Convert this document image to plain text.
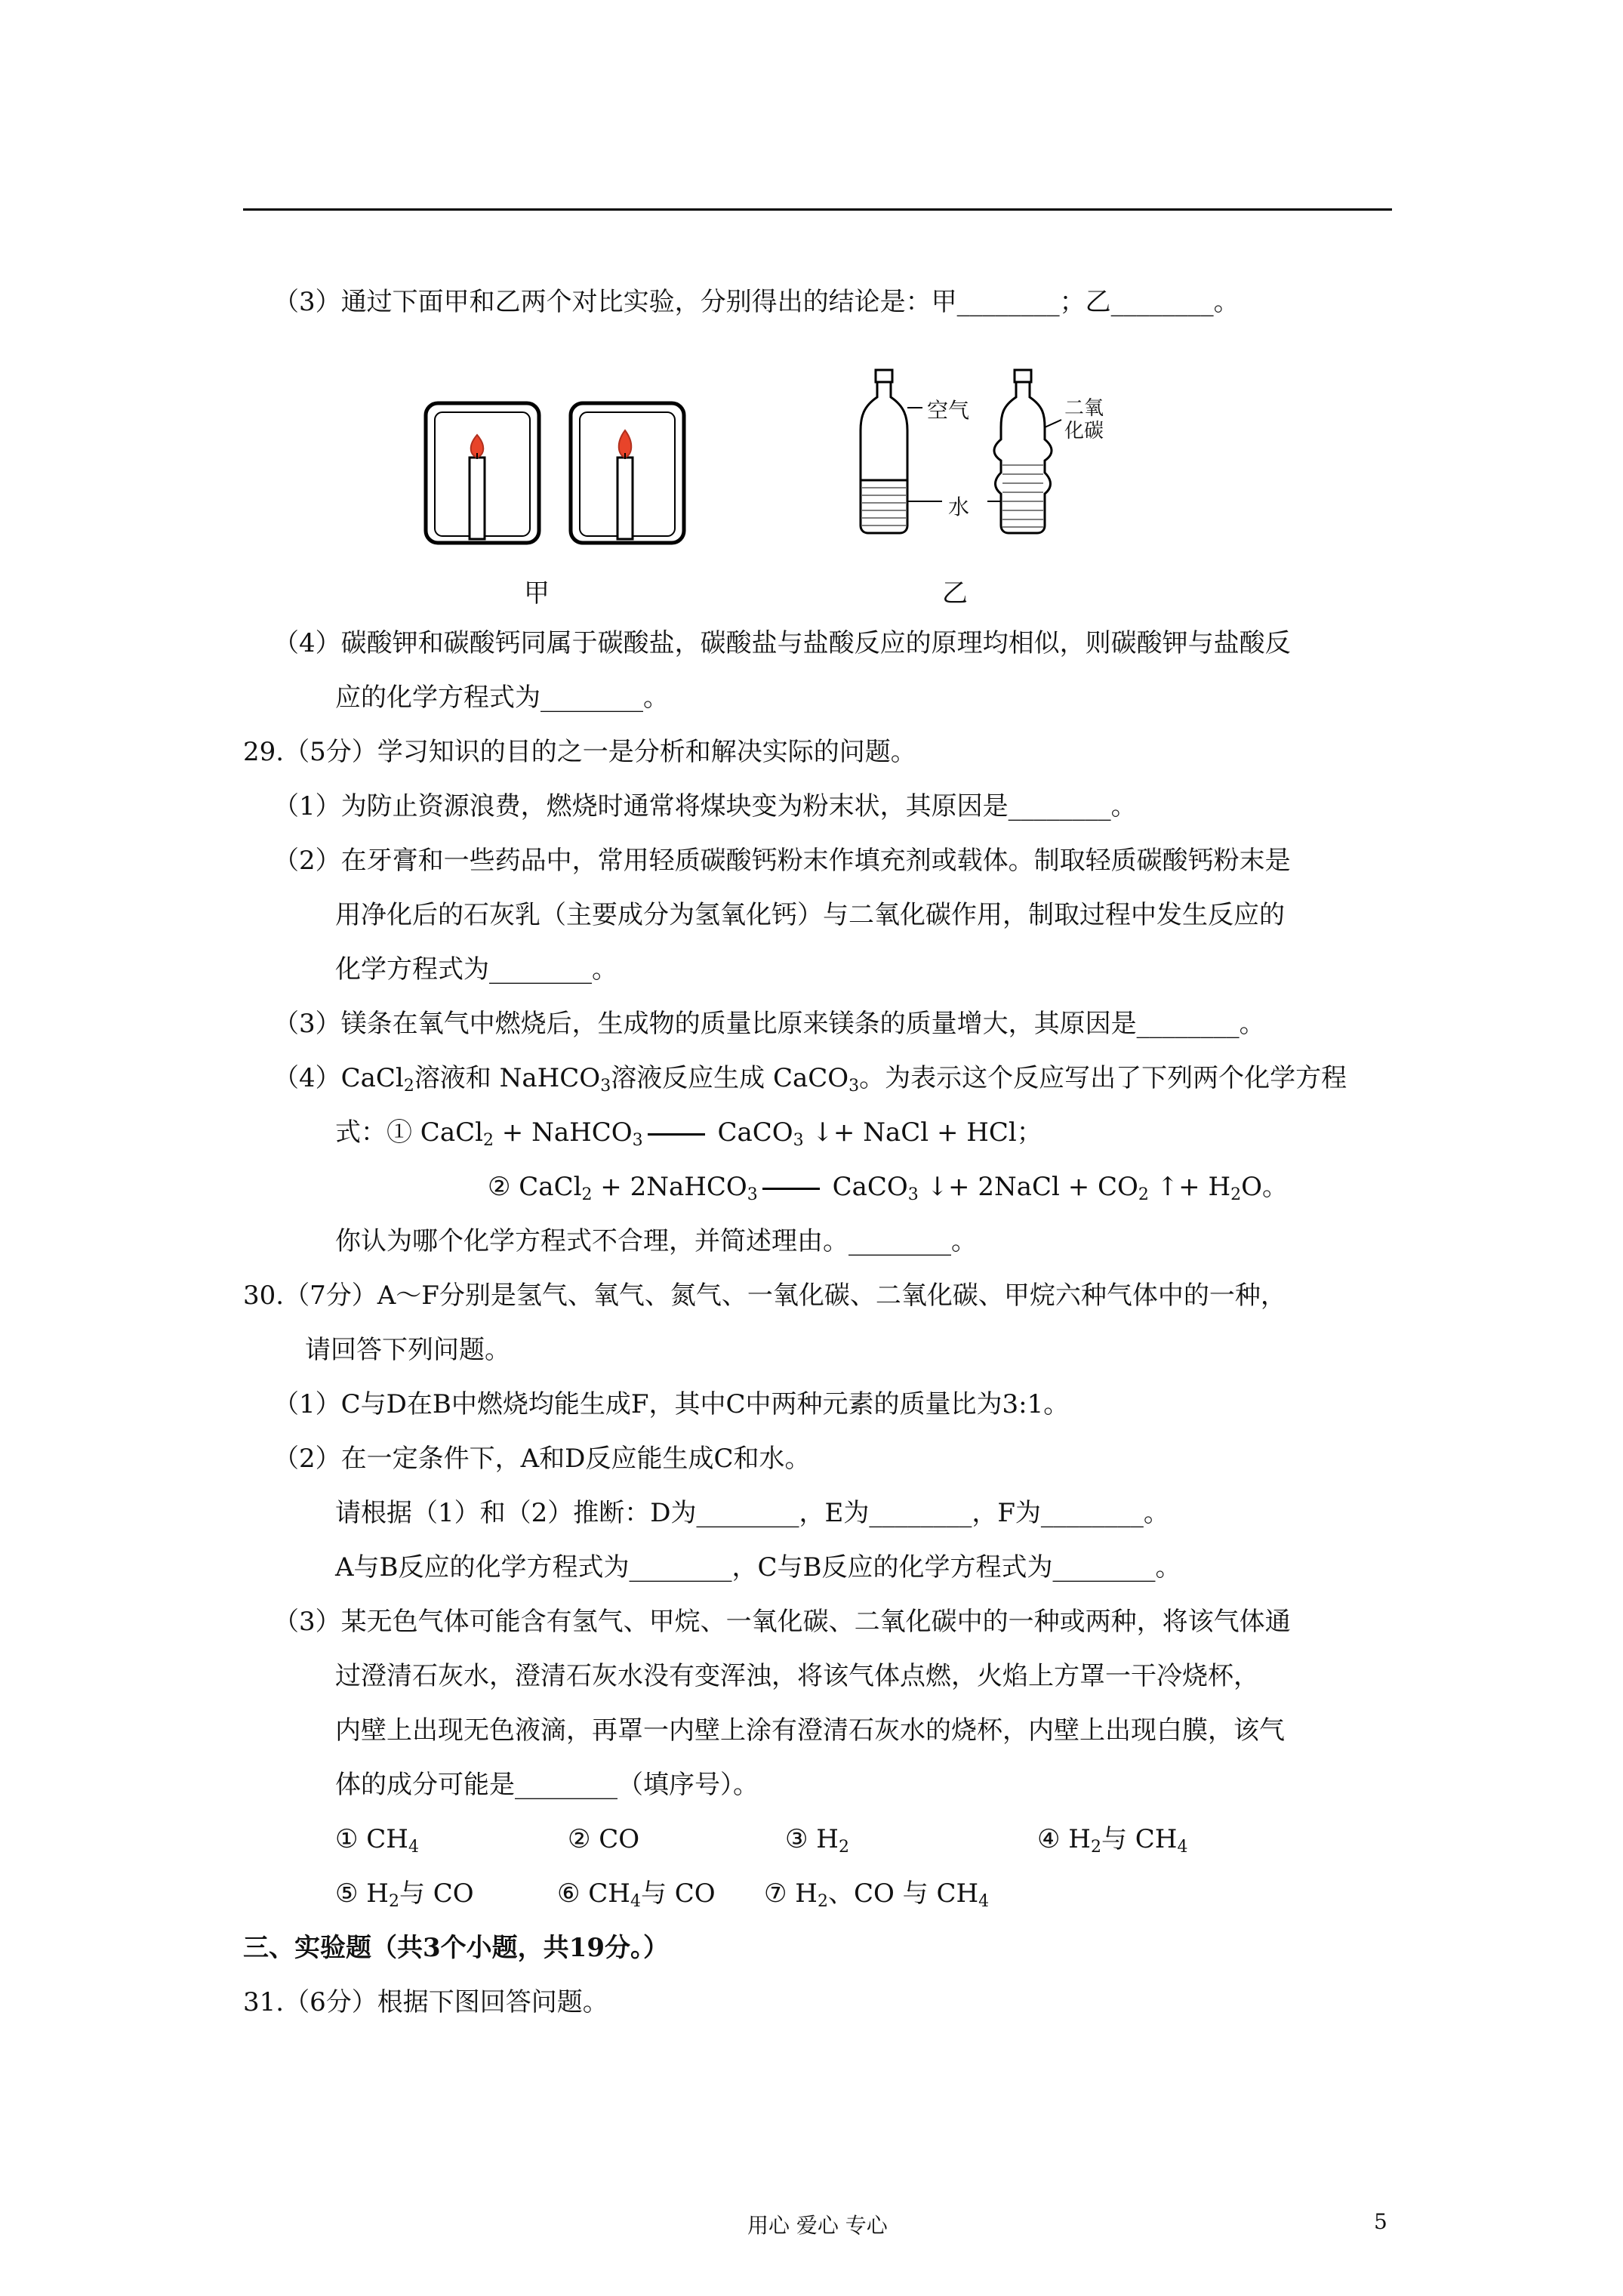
（3）通过下面甲和乙两个对比实验，分别得出的结论是：甲________；乙________。
空气
水
二氧
化碳
甲	乙
（4）碳酸钾和碳酸钙同属于碳酸盐，碳酸盐与盐酸反应的原理均相似，则碳酸钾与盐酸反
应的化学方程式为________。
29.（5分）学习知识的目的之一是分析和解决实际的问题。
（1）为防止资源浪费，燃烧时通常将煤块变为粉末状，其原因是________。
（2）在牙膏和一些药品中，常用轻质碳酸钙粉末作填充剂或载体。制取轻质碳酸钙粉末是
用净化后的石灰乳（主要成分为氢氧化钙）与二氧化碳作用，制取过程中发生反应的
化学方程式为________。
（3）镁条在氧气中燃烧后，生成物的质量比原来镁条的质量增大，其原因是________。
（4）CaCl$_2$溶液和 NaHCO$_3$溶液反应生成 CaCO$_3$。为表示这个反应写出了下列两个化学方程
式：① CaCl$_2$ + NaHCO$_3$	CaCO$_3$ ↓+ NaCl + HCl；
② CaCl$_2$ + 2NaHCO$_3$	CaCO$_3$ ↓+ 2NaCl + $CO_2$ ↑+ $H_2O$。
你认为哪个化学方程式不合理，并简述理由。________。
30.（7分）A～F分别是氢气、氧气、氮气、一氧化碳、二氧化碳、甲烷六种气体中的一种，
请回答下列问题。
（1）C与D在B中燃烧均能生成F，其中C中两种元素的质量比为3:1。
（2）在一定条件下，A和D反应能生成C和水。
请根据（1）和（2）推断：D为________，E为________，F为________。
A与B反应的化学方程式为________，C与B反应的化学方程式为________。
（3）某无色气体可能含有氢气、甲烷、一氧化碳、二氧化碳中的一种或两种，将该气体通
过澄清石灰水，澄清石灰水没有变浑浊，将该气体点燃，火焰上方罩一干冷烧杯，
内壁上出现无色液滴，再罩一内壁上涂有澄清石灰水的烧杯，内壁上出现白膜，该气
体的成分可能是________（填序号）。
① $CH_4$	② CO	③ $H_2$	④ $H_2$与 $CH_4$
⑤ $H_2$与 CO	⑥ $CH_4$与 CO ⑦ $H_2$、CO 与 $CH_4$
三、实验题（共3个小题，共19分。）
31.（6分）根据下图回答问题。
用心 爱心 专心	5
